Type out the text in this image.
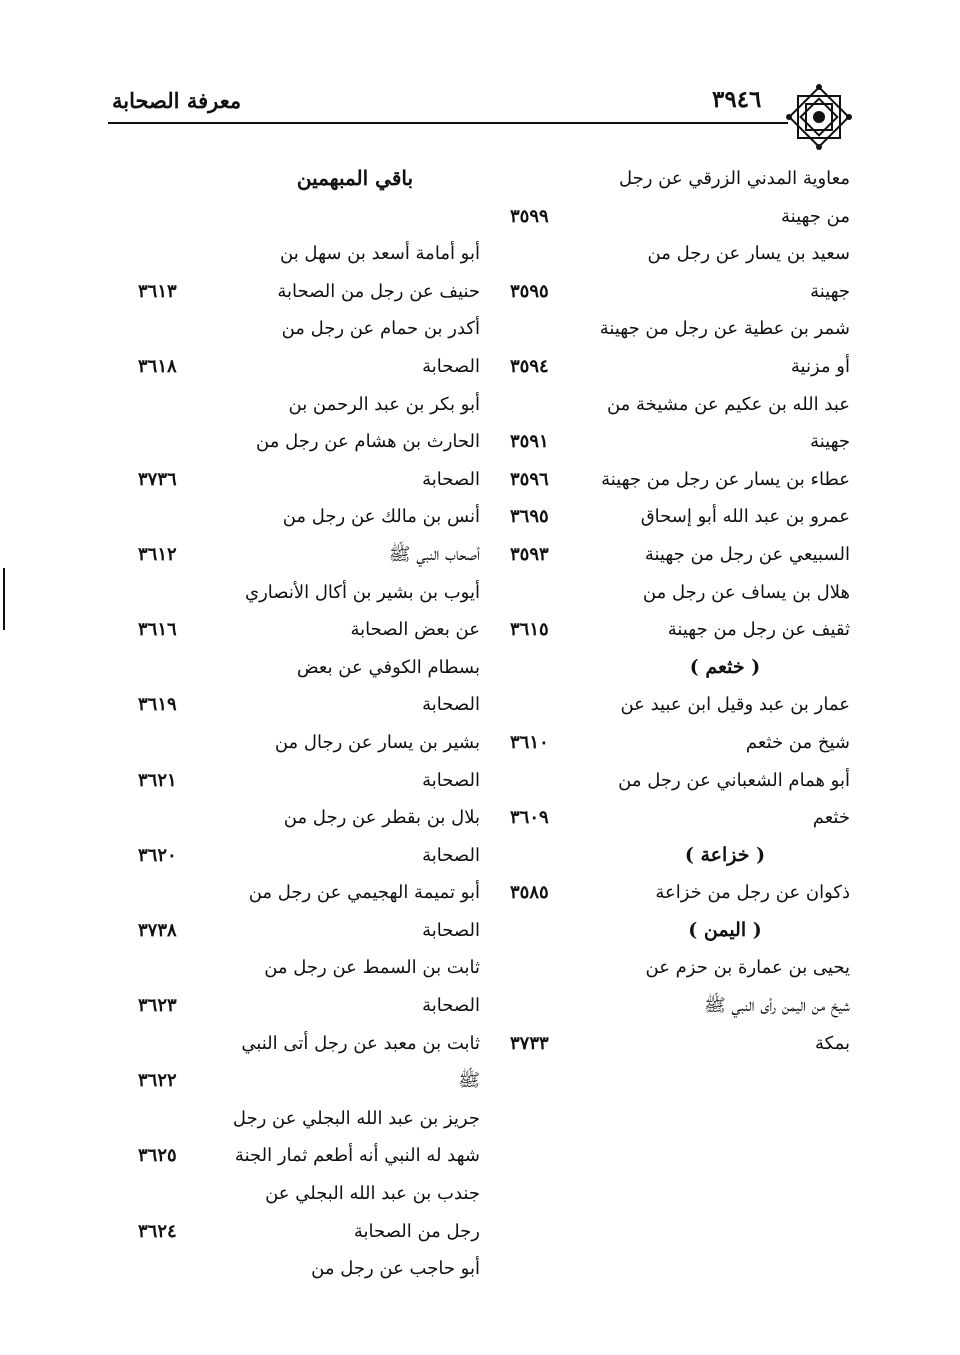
معرفة الصحابة	٣٩٤٦
معاوية المدني الزرقي عن رجل
من جهينة
٣٥٩٩
سعيد بن يسار عن رجل من
جهينة
٣٥٩٥
شمر بن عطية عن رجل من جهينة
أو مزنية
٣٥٩٤
عبد الله بن عكيم عن مشيخة من
جهينة
٣٥٩١
عطاء بن يسار عن رجل من جهينة
٣٥٩٦
عمرو بن عبد الله أبو إسحاق
٣٦٩٥
السبيعي عن رجل من جهينة
٣٥٩٣
هلال بن يساف عن رجل من
ثقيف عن رجل من جهينة
٣٦١٥
( خثعم )
عمار بن عبد وقيل ابن عبيد عن
شيخ من خثعم
٣٦١٠
أبو همام الشعباني عن رجل من
خثعم
٣٦٠٩
( خزاعة )
ذكوان عن رجل من خزاعة
٣٥٨٥
( اليمن )
يحيى بن عمارة بن حزم عن
شيخ من اليمن رأى النبي ﷺ
بمكة
٣٧٣٣
باقي المبهمين
أبو أمامة أسعد بن سهل بن
حنيف عن رجل من الصحابة
٣٦١٣
أكدر بن حمام عن رجل من
الصحابة
٣٦١٨
أبو بكر بن عبد الرحمن بن
الحارث بن هشام عن رجل من
الصحابة
٣٧٣٦
أنس بن مالك عن رجل من
أصحاب النبي ﷺ
٣٦١٢
أيوب بن بشير بن أكال الأنصاري
عن بعض الصحابة
٣٦١٦
بسطام الكوفي عن بعض
الصحابة
٣٦١٩
بشير بن يسار عن رجال من
الصحابة
٣٦٢١
بلال بن بقطر عن رجل من
الصحابة
٣٦٢٠
أبو تميمة الهجيمي عن رجل من
الصحابة
٣٧٣٨
ثابت بن السمط عن رجل من
الصحابة
٣٦٢٣
ثابت بن معبد عن رجل أتى النبي
ﷺ
٣٦٢٢
جريز بن عبد الله البجلي عن رجل
شهد له النبي أنه أطعم ثمار الجنة
٣٦٢٥
جندب بن عبد الله البجلي عن
رجل من الصحابة
٣٦٢٤
أبو حاجب عن رجل من
